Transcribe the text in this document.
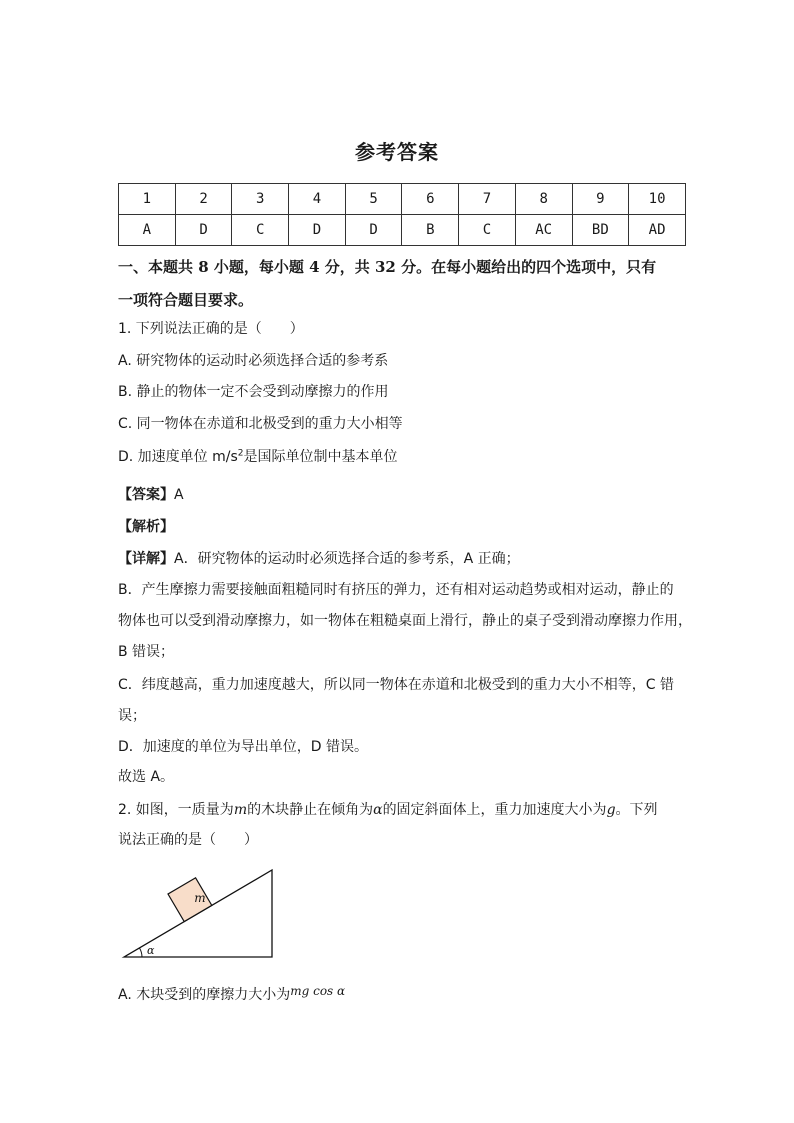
参考答案
1	2	3	4	5	6	7	8	9	10
A	D	C	D	D	B	C	AC	BD	AD
一、本题共 8 小题，每小题 4 分，共 32 分。在每小题给出的四个选项中，只有
一项符合题目要求。
1. 下列说法正确的是（　　）
A. 研究物体的运动时必须选择合适的参考系
B. 静止的物体一定不会受到动摩擦力的作用
C. 同一物体在赤道和北极受到的重力大小相等
D. 加速度单位 $m/s^2$是国际单位制中基本单位
【答案】A
【解析】
【详解】A．研究物体的运动时必须选择合适的参考系，A 正确；
B．产生摩擦力需要接触面粗糙同时有挤压的弹力，还有相对运动趋势或相对运动，静止的
物体也可以受到滑动摩擦力，如一物体在粗糙桌面上滑行，静止的桌子受到滑动摩擦力作用，
B 错误；
C．纬度越高，重力加速度越大，所以同一物体在赤道和北极受到的重力大小不相等，C 错
误；
D．加速度的单位为导出单位，D 错误。
故选 A。
2. 如图，一质量为m的木块静止在倾角为α的固定斜面体上，重力加速度大小为g。下列
说法正确的是（　　）
m
α
A. 木块受到的摩擦力大小为mg cos α
